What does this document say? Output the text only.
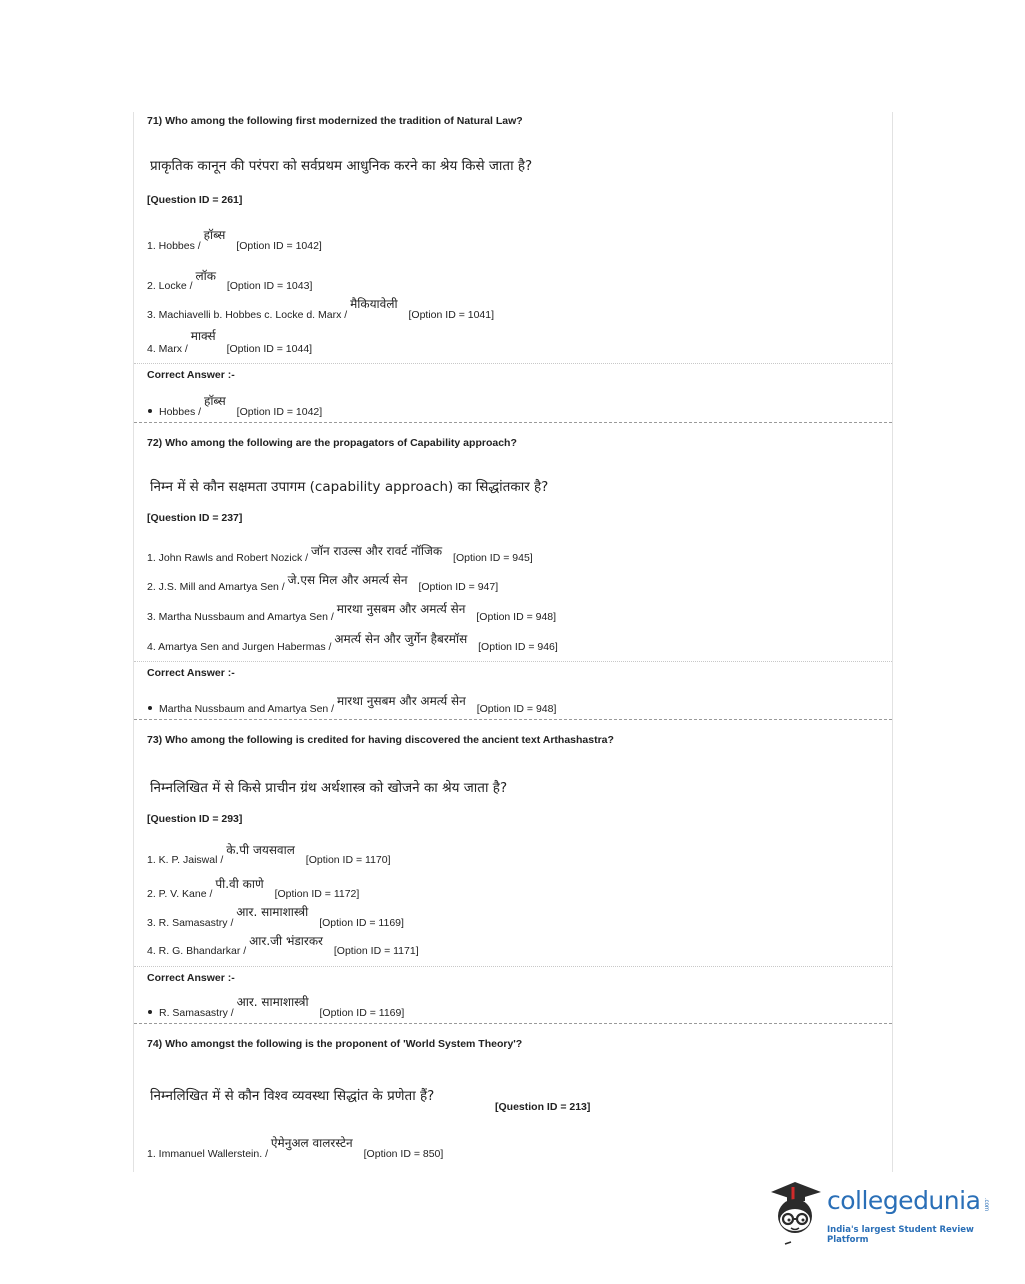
71) Who among the following first modernized the tradition of Natural Law?
प्राकृतिक कानून की परंपरा को सर्वप्रथम आधुनिक करने का श्रेय किसे जाता है?
[Question ID = 261]
1. Hobbes / हॉब्स [Option ID = 1042]
2. Locke / लॉक [Option ID = 1043]
3. Machiavelli b. Hobbes c. Locke d. Marx / मैकियावेली [Option ID = 1041]
4. Marx / मार्क्स [Option ID = 1044]
Correct Answer :-
Hobbes / हॉब्स [Option ID = 1042]
72) Who among the following are the propagators of Capability approach?
निम्न में से कौन सक्षमता उपागम (capability approach) का सिद्धांतकार है?
[Question ID = 237]
1. John Rawls and Robert Nozick / जॉन राउल्स और रावर्ट नॉजिक [Option ID = 945]
2. J.S. Mill and Amartya Sen / जे.एस मिल और अमर्त्य सेन [Option ID = 947]
3. Martha Nussbaum and Amartya Sen / मारथा नुसबम और अमर्त्य सेन [Option ID = 948]
4. Amartya Sen and Jurgen Habermas / अमर्त्य सेन और जुर्गेन हैबरमॉस [Option ID = 946]
Correct Answer :-
Martha Nussbaum and Amartya Sen / मारथा नुसबम और अमर्त्य सेन [Option ID = 948]
73) Who among the following is credited for having discovered the ancient text Arthashastra?
निम्नलिखित में से किसे प्राचीन ग्रंथ अर्थशास्त्र को खोजने का श्रेय जाता है?
[Question ID = 293]
1. K. P. Jaiswal / के.पी जयसवाल [Option ID = 1170]
2. P. V. Kane / पी.वी काणे [Option ID = 1172]
3. R. Samasastry / आर. सामाशास्त्री [Option ID = 1169]
4. R. G. Bhandarkar / आर.जी भंडारकर [Option ID = 1171]
Correct Answer :-
R. Samasastry / आर. सामाशास्त्री [Option ID = 1169]
74) Who amongst the following is the proponent of 'World System Theory'?
निम्नलिखित में से कौन विश्व व्यवस्था सिद्धांत के प्रणेता हैं?
[Question ID = 213]
1. Immanuel Wallerstein. / ऐमेनुअल वालरस्टेन [Option ID = 850]
collegedunia .com
India's largest Student Review Platform
